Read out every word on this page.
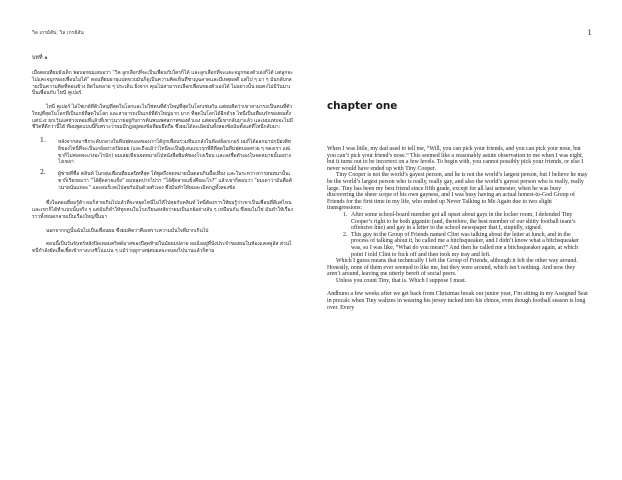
วิล เกรย์สัน, วิล เกรย์สัน
บทที่ ๑

เมื่อตอนที่ผมยังเด็ก พ่อบอกผมเสมอว่า “วิล ลูกเลือกที่จะเป็นเพื่อนกับใครก็ได้ และลูกเลือกที่จะแคะจมูกของตัวเองก็ได้ แต่ลูกจะไปแคะจมูกของเพื่อนไม่ได้” ตอนที่ผมอายุแปดขวบมันก็ดูเป็นความคิดเห็นที่ชาญฉลาดและมีเหตุผลดี แต่ไป ๆ มา ๆ มันกลับกลายเป็นความคิดที่ค่อนข้าง ผิดในหลาย ๆ ประเด็น ยิ่งจาก คุณไม่สามารถเลือกเพื่อนของตัวเองได้ ไม่อย่างนั้น ผมคงไม่มีวันมาเป็นเพื่อนกับ ไทนี่ คูเปอร์

ไทนี่ คูเปอร์ ไม่ใช่เกย์ที่ตัวใหญ่ที่สุดในโลกและไม่ใช่คนที่ตัวใหญ่ที่สุดในโลกเช่นกัน แต่ผมคิดว่าเขาสามารถเป็นคนที่ตัวใหญ่ที่สุดในโลกที่เป็นเกย์ที่สุดในโลก และสามารถเป็นเกย์ที่ตัวใหญ่มาก มาก ที่สุดในโลกได้อีกด้วย ไทนี่เป็นเพื่อนรักของผมตั้งแต่ป.๕ ยกเว้นแค่ช่วงเทอมที่แล้วที่เขาวุ่นวายอยู่กับการค้นพบเพศสภาพของตัวเอง แต่ตอนนี้เขากลับมาแล้ว และผมแทบจะไม่มีชีวิตที่ดีกว่านี้ได้ ที่ผมพูดแบบนี้ก็เพราะว่าผมมีกฎอยู่สองข้อที่ผมยึดถือ ซึ่งผมได้ละเมิดมันทั้งสองข้อนับตั้งแต่ที่ไทนี่กลับมา:

1. หลังจากสมาชิกระดับกลางในทีมฟุตบอลของเราได้ถูกเพื่อนร่วมทีมแกล้งในห้องล็อกเกอร์ ผมก็ได้ออกมาปกป้องสิทธิของไทนี่ที่จะเป็นเกย์อย่างเปิดเผย (และถึงแม้ว่าไทนี่จะเป็นผู้เล่นแนวรุกที่ดีที่สุดในทีมฟุตบอลห่วย ๆ ของเรา แต่เขาก็ไม่ค่อยจะเก่งอะไรนัก) ผมเลยเขียนจดหมายไปหนังสือพิมพ์ของโรงเรียน และลงชื่อตัวเองในจดหมายนั้นอย่างโง่เขลา
2. ผู้ชายที่ชื่อ คลินท์ ในกลุ่มเพื่อนที่ผมสนิทที่สุด ได้พูดถึงจดหมายนั้นตอนกินมื้อเที่ยง และในระหว่างการสนทนานั้นเขาก็เรียกผมว่า “ไอ้ตุ๊ดสายแข็ง” ผมหลุดปากไปว่า “ไอ้ตุ๊ดสายแข็งคืออะไร?” แล้วเขาก็ตอบว่า “ผมเดาว่ามันคือตัวนายนั่นแหละ” และผมก็เลยไปลุยกับมันด้วยตัวเอง ซึ่งมันทำให้ผมละเมิดกฎทั้งสองข้อ

ซึ่งในตอนที่ผมรู้ตัว ผมก็สายเกินไปแล้วที่จะหยุดไทนี่ไม่ให้ไปคุยกับคลินท์ ไทนี่ต้องการให้ผมรู้ว่าเขาเป็นเพื่อนที่ดีแค่ไหน และเขาก็ได้ทำแบบนั้นจริง ๆ แต่มันก็ทำให้ทุกคนในโรงเรียนสงสัยว่าผมเป็นเกย์อย่างลับ ๆ เหมือนกัน ซึ่งผมไม่ใช่ มันทำให้เรื่องราวทั้งหมดกลายเป็นเรื่องใหญ่ขึ้นมา

นอกจากกฎนั้นฉันไม่เป็นเพื่อนผม ซึ่งผมคิดว่าคือเพราะความมั่นใจที่มากเกินไป

ตอนนี้เป็นวันจันทร์หลังปิดเทอมคริสต์มาสของปีสุดท้ายในมัธยมปลาย ผมนั่งอยู่ที่นั่งประจำของผมในห้องแคลคูลัส ส่วนไทนี่กำลังยัดเสื้อเชิ้ตเข้ากางเกงชิโน่แน่น ๆ แม้ว่าฤดูกาลฟุตบอลจะจบลงไปนานแล้วก็ตาม

1
chapter one

When I was little, my dad used to tell me, “Will, you can pick your friends, and you can pick your nose, but you can’t pick your friend’s nose.” This seemed like a reasonably astute observation to me when I was eight, but it turns out to be incorrect on a few levels. To begin with, you cannot possibly pick your friends, or else I never would have ended up with Tiny Cooper.

Tiny Cooper is not the world’s gayest person, and he is not the world’s largest person, but I believe he may be the world’s largest person who is really, really gay, and also the world’s gayest person who is really, really large. Tiny has been my best friend since fifth grade, except for all last semester, when he was busy discovering the sheer scope of his own gayness, and I was busy having an actual honest-to-God Group of Friends for the first time in my life, who ended up Never Talking to Me Again due to two slight transgressions:

1. After some school-board member got all upset about gays in the locker room, I defended Tiny Cooper’s right to be both gigantic (and, therefore, the best member of our shitty football team’s offensive line) and gay in a letter to the school newspaper that I, stupidly, signed.
2. This guy in the Group of Friends named Clint was talking about the letter at lunch, and in the process of talking about it, he called me a bitchsqueaker, and I didn’t know what a bitchsqueaker was, so I was like, “What do you mean?” And then he called me a bitchsqueaker again, at which point I told Clint to fuck off and then took my tray and left.

Which I guess means that technically I left the Group of Friends, although it felt the other way around. Honestly, none of them ever seemed to like me, but they were around, which isn’t nothing. And now they aren’t around, leaving me utterly bereft of social peers.

Unless you count Tiny, that is. Which I suppose I must.

Andbuno a few weeks after we get back from Christmas break our junior year, I’m sitting in my Assigned Seat in precalc when Tiny waltzes in wearing his jersey tucked into his chinos, even though football season is long over. Every
